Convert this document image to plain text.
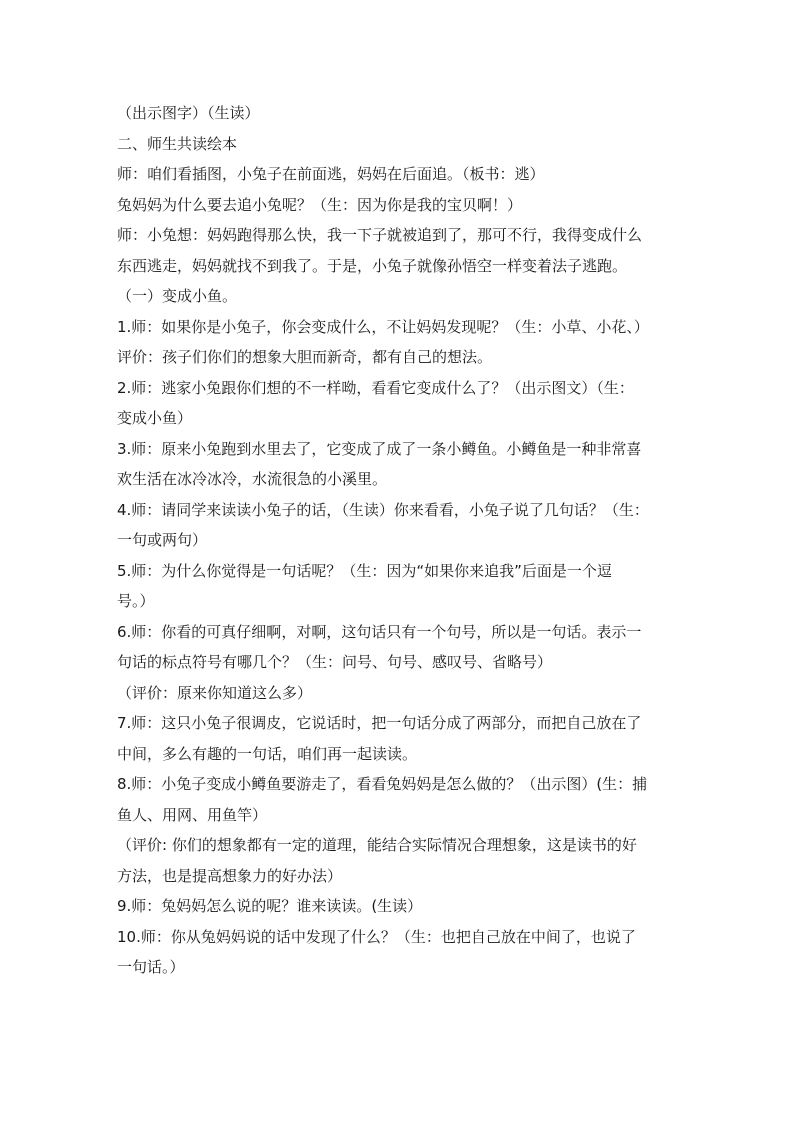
（出示图字）（生读）
二、师生共读绘本
师：咱们看插图，小兔子在前面逃，妈妈在后面追。（板书：逃）
兔妈妈为什么要去追小兔呢？（生：因为你是我的宝贝啊！）
师：小兔想：妈妈跑得那么快，我一下子就被追到了，那可不行，我得变成什么
东西逃走，妈妈就找不到我了。于是，小兔子就像孙悟空一样变着法子逃跑。
（一）变成小鱼。
1.师：如果你是小兔子，你会变成什么，不让妈妈发现呢？（生：小草、小花、）
评价：孩子们你们的想象大胆而新奇，都有自己的想法。
2.师：逃家小兔跟你们想的不一样呦，看看它变成什么了？（出示图文）（生：
变成小鱼）
3.师：原来小兔跑到水里去了，它变成了成了一条小鳟鱼。小鳟鱼是一种非常喜
欢生活在冰冷冰冷，水流很急的小溪里。
4.师：请同学来读读小兔子的话，（生读）你来看看，小兔子说了几句话？（生：
一句或两句）
5.师：为什么你觉得是一句话呢？（生：因为“如果你来追我”后面是一个逗
号。）
6.师：你看的可真仔细啊，对啊，这句话只有一个句号，所以是一句话。表示一
句话的标点符号有哪几个？（生：问号、句号、感叹号、省略号）
（评价：原来你知道这么多）
7.师：这只小兔子很调皮，它说话时，把一句话分成了两部分，而把自己放在了
中间，多么有趣的一句话，咱们再一起读读。
8.师：小兔子变成小鳟鱼要游走了，看看兔妈妈是怎么做的？（出示图）(生：捕
鱼人、用网、用鱼竿）
（评价: 你们的想象都有一定的道理，能结合实际情况合理想象，这是读书的好
方法，也是提高想象力的好办法）
9.师：兔妈妈怎么说的呢？谁来读读。(生读）
10.师：你从兔妈妈说的话中发现了什么？（生：也把自己放在中间了，也说了
一句话。）
